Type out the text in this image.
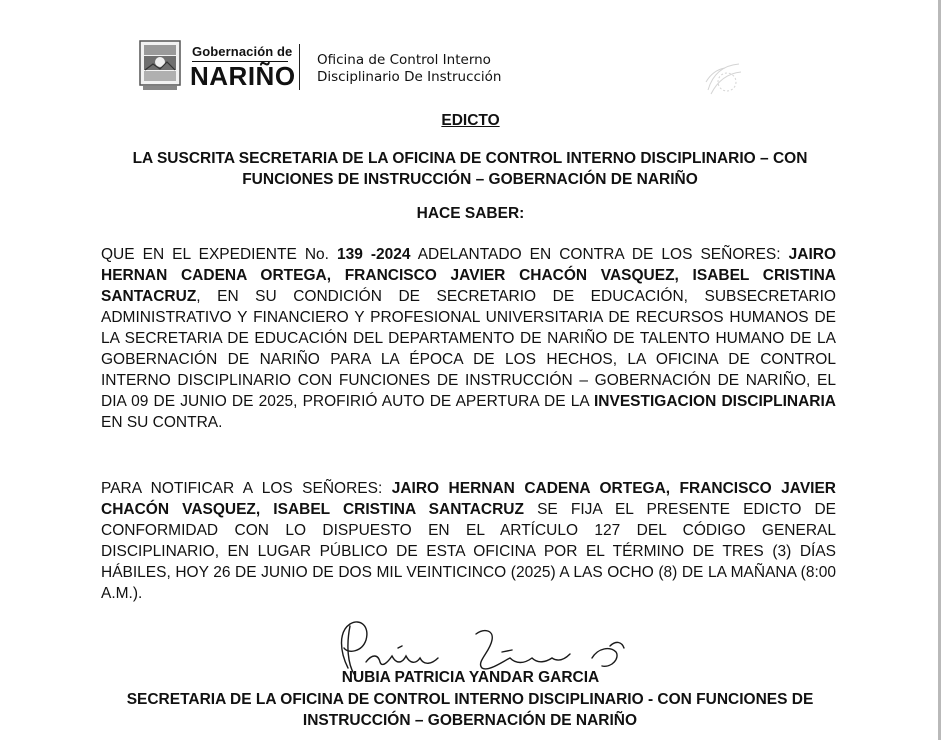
Gobernación de
NARIÑO
Oficina de Control Interno
Disciplinario De Instrucción
EDICTO
LA SUSCRITA SECRETARIA DE LA OFICINA DE CONTROL INTERNO DISCIPLINARIO – CON FUNCIONES DE INSTRUCCIÓN – GOBERNACIÓN DE NARIÑO
HACE SABER:
QUE EN EL EXPEDIENTE No. 139 -2024 ADELANTADO EN CONTRA DE LOS SEÑORES: JAIRO HERNAN CADENA ORTEGA, FRANCISCO JAVIER CHACÓN VASQUEZ, ISABEL CRISTINA SANTACRUZ, EN SU CONDICIÓN DE SECRETARIO DE EDUCACIÓN, SUBSECRETARIO ADMINISTRATIVO Y FINANCIERO Y PROFESIONAL UNIVERSITARIA DE RECURSOS HUMANOS DE LA SECRETARIA DE EDUCACIÓN DEL DEPARTAMENTO DE NARIÑO DE TALENTO HUMANO DE LA GOBERNACIÓN DE NARIÑO PARA LA ÉPOCA DE LOS HECHOS, LA OFICINA DE CONTROL INTERNO DISCIPLINARIO CON FUNCIONES DE INSTRUCCIÓN – GOBERNACIÓN DE NARIÑO, EL DIA 09 DE JUNIO DE 2025, PROFIRIÓ AUTO DE APERTURA DE LA INVESTIGACION DISCIPLINARIA EN SU CONTRA.
PARA NOTIFICAR A LOS SEÑORES: JAIRO HERNAN CADENA ORTEGA, FRANCISCO JAVIER CHACÓN VASQUEZ, ISABEL CRISTINA SANTACRUZ SE FIJA EL PRESENTE EDICTO DE CONFORMIDAD CON LO DISPUESTO EN EL ARTÍCULO 127 DEL CÓDIGO GENERAL DISCIPLINARIO, EN LUGAR PÚBLICO DE ESTA OFICINA POR EL TÉRMINO DE TRES (3) DÍAS HÁBILES, HOY 26 DE JUNIO DE DOS MIL VEINTICINCO (2025) A LAS OCHO (8) DE LA MAÑANA (8:00 A.M.).
NUBIA PATRICIA YANDAR GARCIA
SECRETARIA DE LA OFICINA DE CONTROL INTERNO DISCIPLINARIO - CON FUNCIONES DE INSTRUCCIÓN – GOBERNACIÓN DE NARIÑO
